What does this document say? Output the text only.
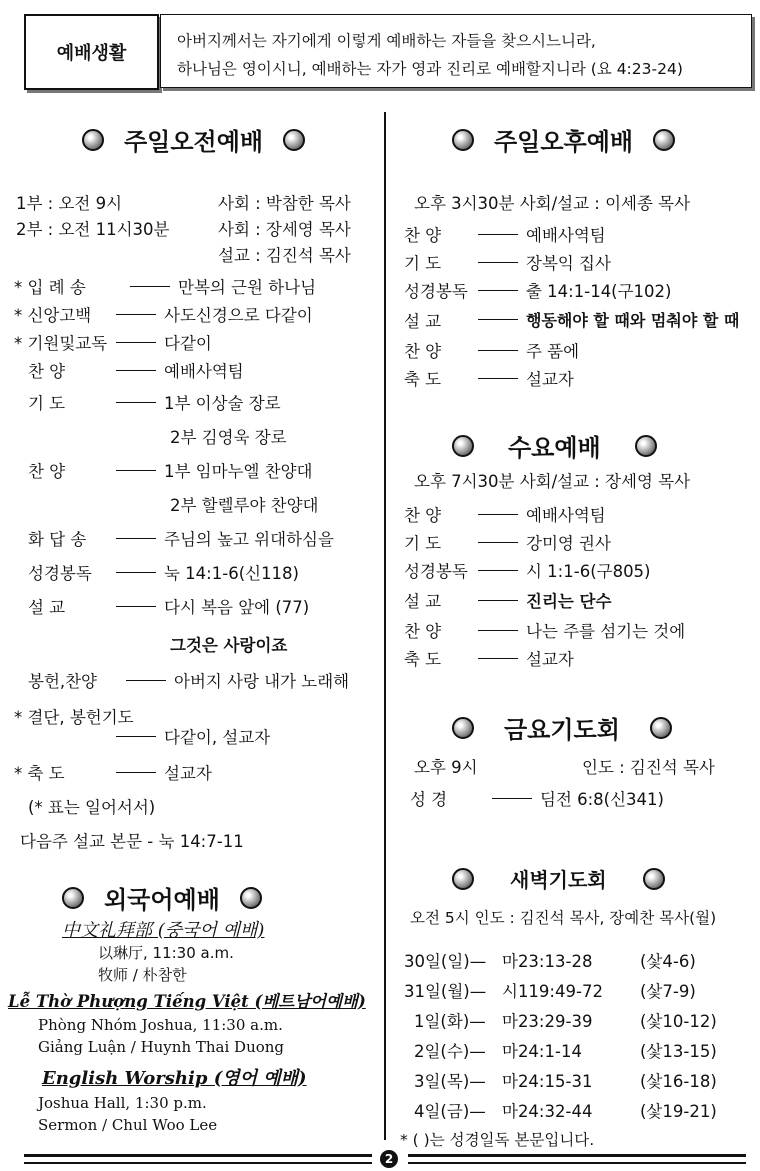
예배생활
아버지께서는 자기에게 이렇게 예배하는 자들을 찾으시느니라,
하나님은 영이시니, 예배하는 자가 영과 진리로 예배할지니라 (요 4:23-24)
주일오전예배
1부 : 오전 9시	사회 : 박참한 목사
2부 : 오전 11시30분	사회 : 장세영 목사
설교 : 김진석 목사
* 입 례 송	만복의 근원 하나님
* 신앙고백	사도신경으로 다같이
* 기원및교독	다같이
찬 양	예배사역팀
기 도	1부 이상술 장로
2부 김영욱 장로
찬 양	1부 임마누엘 찬양대
2부 할렐루야 찬양대
화 답 송	주님의 높고 위대하심을
성경봉독	눅 14:1-6(신118)
설 교	다시 복음 앞에 (77)
그것은 사랑이죠
봉헌,찬양	아버지 사랑 내가 노래해
* 결단, 봉헌기도
다같이, 설교자
* 축 도	설교자
(* 표는 일어서서)
다음주 설교 본문 - 눅 14:7-11
외국어예배
中文礼拜部 (중국어 예배)
以琳厅, 11:30 a.m.
牧师 / 朴참한
Lễ Thờ Phượng Tiếng Việt (베트남어예배)
Phòng Nhóm Joshua, 11:30 a.m.
Giảng Luận / Huynh Thai Duong
English Worship (영어 예배)
Joshua Hall, 1:30 p.m.
Sermon / Chul Woo Lee
주일오후예배
오후 3시30분 사회/설교 : 이세종 목사
찬 양	예배사역팀
기 도	장복익 집사
성경봉독	출 14:1-14(구102)
설 교	행동해야 할 때와 멈춰야 할 때
찬 양	주 품에
축 도	설교자
수요예배
오후 7시30분 사회/설교 : 장세영 목사
찬 양	예배사역팀
기 도	강미영 권사
성경봉독	시 1:1-6(구805)
설 교	진리는 단수
찬 양	나는 주를 섬기는 것에
축 도	설교자
금요기도회
오후 9시	인도 : 김진석 목사
성 경	딤전 6:8(신341)
새벽기도회
오전 5시 인도 : 김진석 목사, 장예찬 목사(월)
30일(일)— 마23:13-28	(샃4-6)
31일(월)— 시119:49-72 (샃7-9)
1일(화)— 마23:29-39	(샃10-12)
2일(수)— 마24:1-14	(샃13-15)
3일(목)— 마24:15-31	(샃16-18)
4일(금)— 마24:32-44	(샃19-21)
* ( )는 성경일독 본문입니다.
2
